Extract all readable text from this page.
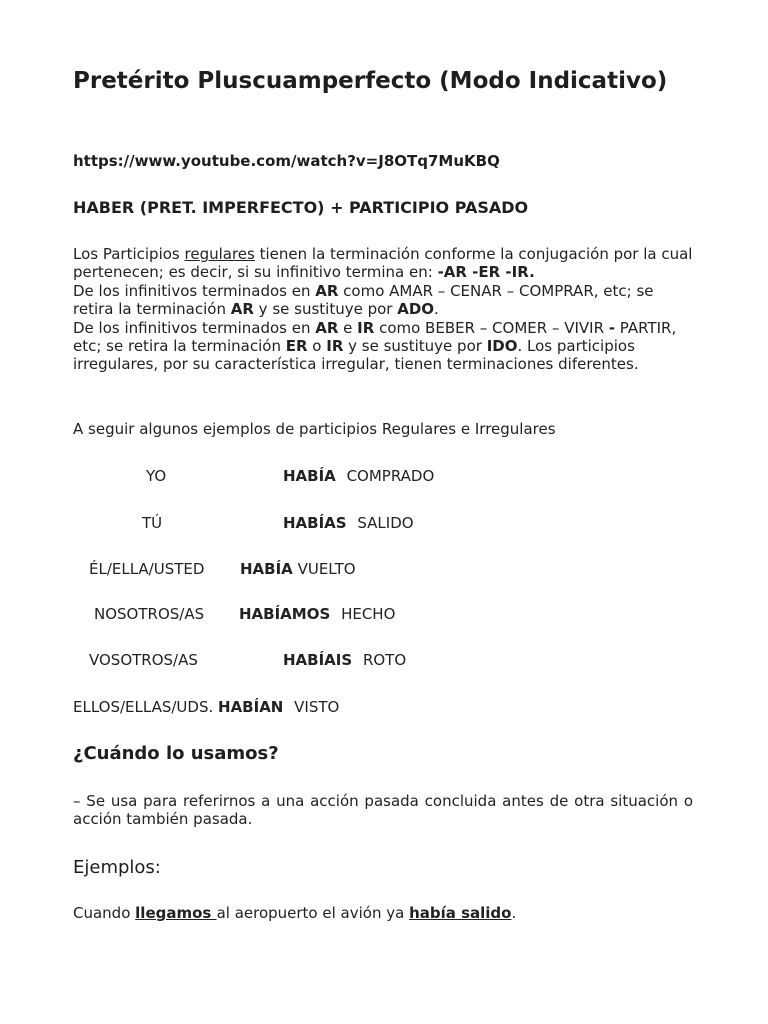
Pretérito Pluscuamperfecto (Modo Indicativo)
https://www.youtube.com/watch?v=J8OTq7MuKBQ
HABER (PRET. IMPERFECTO) + PARTICIPIO PASADO
Los Participios regulares tienen la terminación conforme la conjugación por la cual pertenecen; es decir, si su infinitivo termina en: -AR -ER -IR.
De los infinitivos terminados en AR como AMAR – CENAR – COMPRAR, etc; se retira la terminación AR y se sustituye por ADO.
De los infinitivos terminados en AR e IR como BEBER – COMER – VIVIR - PARTIR, etc; se retira la terminación ER o IR y se sustituye por IDO. Los participios irregulares, por su característica irregular, tienen terminaciones diferentes.
A seguir algunos ejemplos de participios Regulares e Irregulares
YO	HABÍA COMPRADO
TÚ	HABÍAS SALIDO
ÉL/ELLA/USTED HABÍA VUELTO
NOSOTROS/AS HABÍAMOS HECHO
VOSOTROS/AS	HABÍAIS ROTO
ELLOS/ELLAS/UDS. HABÍAN VISTO
¿Cuándo lo usamos?
– Se usa para referirnos a una acción pasada concluida antes de otra situación o acción también pasada.
Ejemplos:
Cuando llegamos al aeropuerto el avión ya había salido.
